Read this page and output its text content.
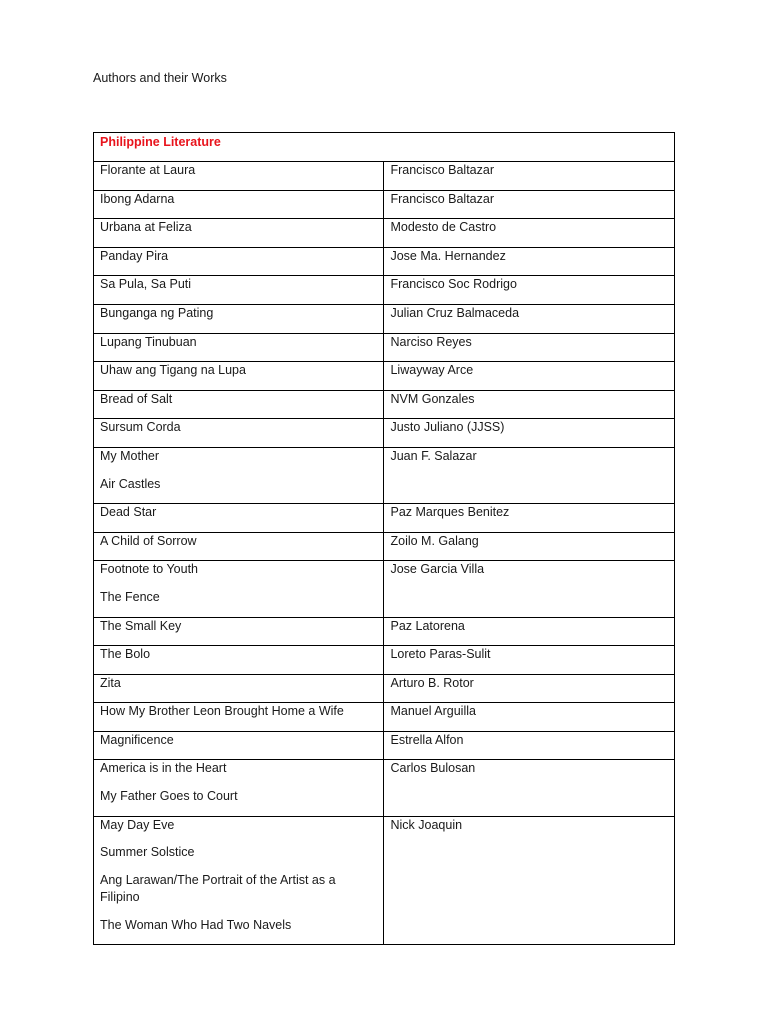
Authors and their Works
Philippine Literature	

Florante at Laura	Francisco Baltazar

Ibong Adarna	Francisco Baltazar

Urbana at Feliza	Modesto de Castro

Panday Pira	Jose Ma. Hernandez

Sa Pula, Sa Puti	Francisco Soc Rodrigo

Bunganga ng Pating	Julian Cruz Balmaceda

Lupang Tinubuan	Narciso Reyes

Uhaw ang Tigang na Lupa	Liwayway Arce

Bread of Salt	NVM Gonzales

Sursum Corda	Justo Juliano (JJSS)

My Mother
Air Castles	Juan F. Salazar

Dead Star	Paz Marques Benitez

A Child of Sorrow	Zoilo M. Galang

Footnote to Youth
The Fence	Jose Garcia Villa

The Small Key	Paz Latorena

The Bolo	Loreto Paras-Sulit

Zita	Arturo B. Rotor

How My Brother Leon Brought Home a Wife	Manuel Arguilla

Magnificence	Estrella Alfon

America is in the Heart
My Father Goes to Court	Carlos Bulosan

May Day Eve
Summer Solstice
Ang Larawan/The Portrait of the Artist as a Filipino
The Woman Who Had Two Navels	Nick Joaquin
